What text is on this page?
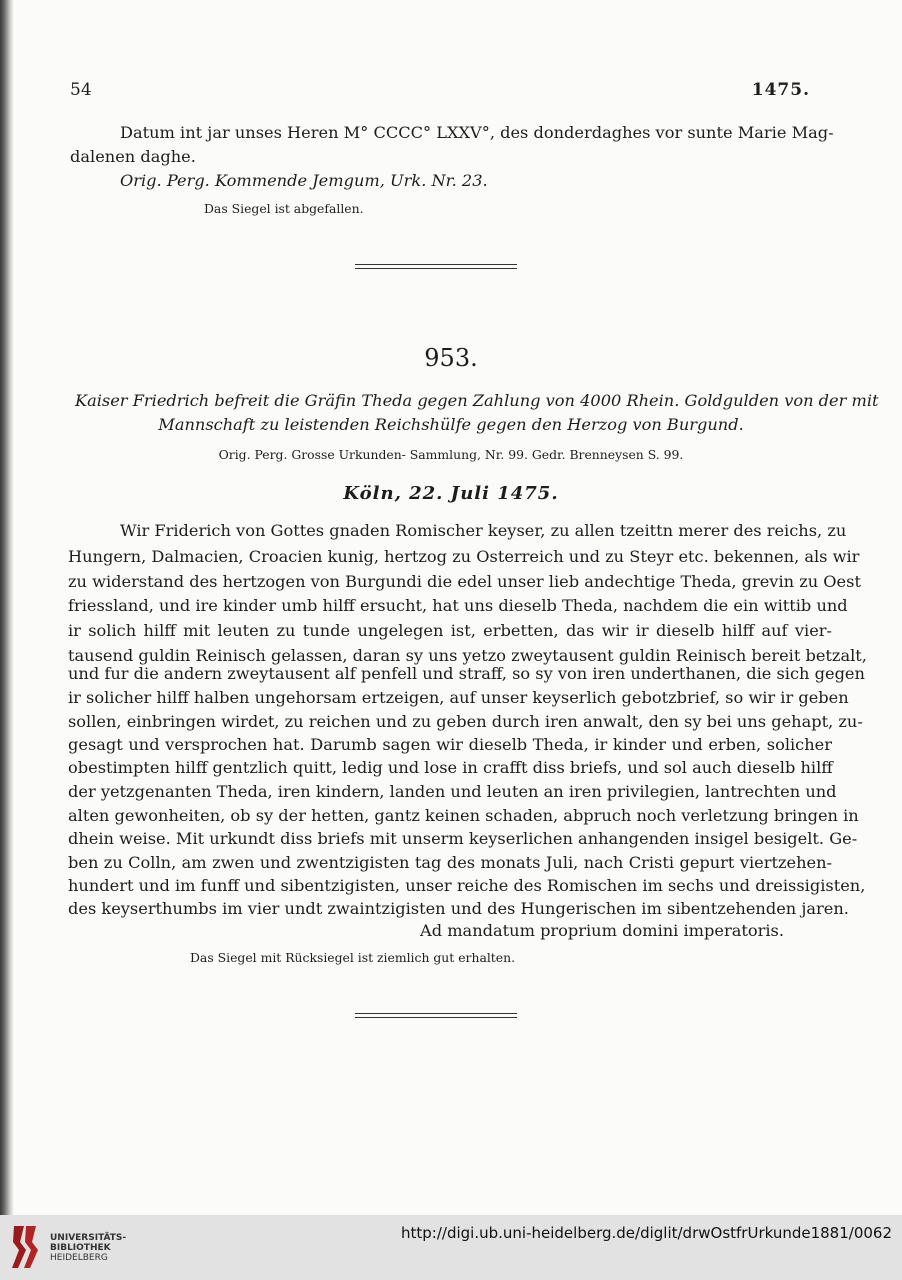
54	1475.
Datum int jar unses Heren M° CCCC° LXXV°, des donderdaghes vor sunte Marie Mag-
dalenen daghe.
Orig. Perg. Kommende Jemgum, Urk. Nr. 23.
Das Siegel ist abgefallen.
953.
Kaiser Friedrich befreit die Gräfin Theda gegen Zahlung von 4000 Rhein. Goldgulden von der mit
Mannschaft zu leistenden Reichshülfe gegen den Herzog von Burgund.
Orig. Perg. Grosse Urkunden- Sammlung, Nr. 99. Gedr. Brenneysen S. 99.
Köln, 22. Juli 1475.
Wir Friderich von Gottes gnaden Romischer keyser, zu allen tzeittn merer des reichs, zu
Hungern, Dalmacien, Croacien kunig, hertzog zu Osterreich und zu Steyr etc. bekennen, als wir
zu widerstand des hertzogen von Burgundi die edel unser lieb andechtige Theda, grevin zu Oest
friessland, und ire kinder umb hilff ersucht, hat uns dieselb Theda, nachdem die ein wittib und
ir solich hilff mit leuten zu tunde ungelegen ist, erbetten, das wir ir dieselb hilff auf vier-
tausend guldin Reinisch gelassen, daran sy uns yetzo zweytausent guldin Reinisch bereit betzalt,
und fur die andern zweytausent alf penfell und straff, so sy von iren underthanen, die sich gegen
ir solicher hilff halben ungehorsam ertzeigen, auf unser keyserlich gebotzbrief, so wir ir geben
sollen, einbringen wirdet, zu reichen und zu geben durch iren anwalt, den sy bei uns gehapt, zu-
gesagt und versprochen hat. Darumb sagen wir dieselb Theda, ir kinder und erben, solicher
obestimpten hilff gentzlich quitt, ledig und lose in crafft diss briefs, und sol auch dieselb hilff
der yetzgenanten Theda, iren kindern, landen und leuten an iren privilegien, lantrechten und
alten gewonheiten, ob sy der hetten, gantz keinen schaden, abpruch noch verletzung bringen in
dhein weise. Mit urkundt diss briefs mit unserm keyserlichen anhangenden insigel besigelt. Ge-
ben zu Colln, am zwen und zwentzigisten tag des monats Juli, nach Cristi gepurt viertzehen-
hundert und im funff und sibentzigisten, unser reiche des Romischen im sechs und dreissigisten,
des keyserthumbs im vier undt zwaintzigisten und des Hungerischen im sibentzehenden jaren.
Ad mandatum proprium domini imperatoris.
Das Siegel mit Rücksiegel ist ziemlich gut erhalten.
UNIVERSITÄTS-
BIBLIOTHEK
HEIDELBERG
http://digi.ub.uni-heidelberg.de/diglit/drwOstfrUrkunde1881/0062
